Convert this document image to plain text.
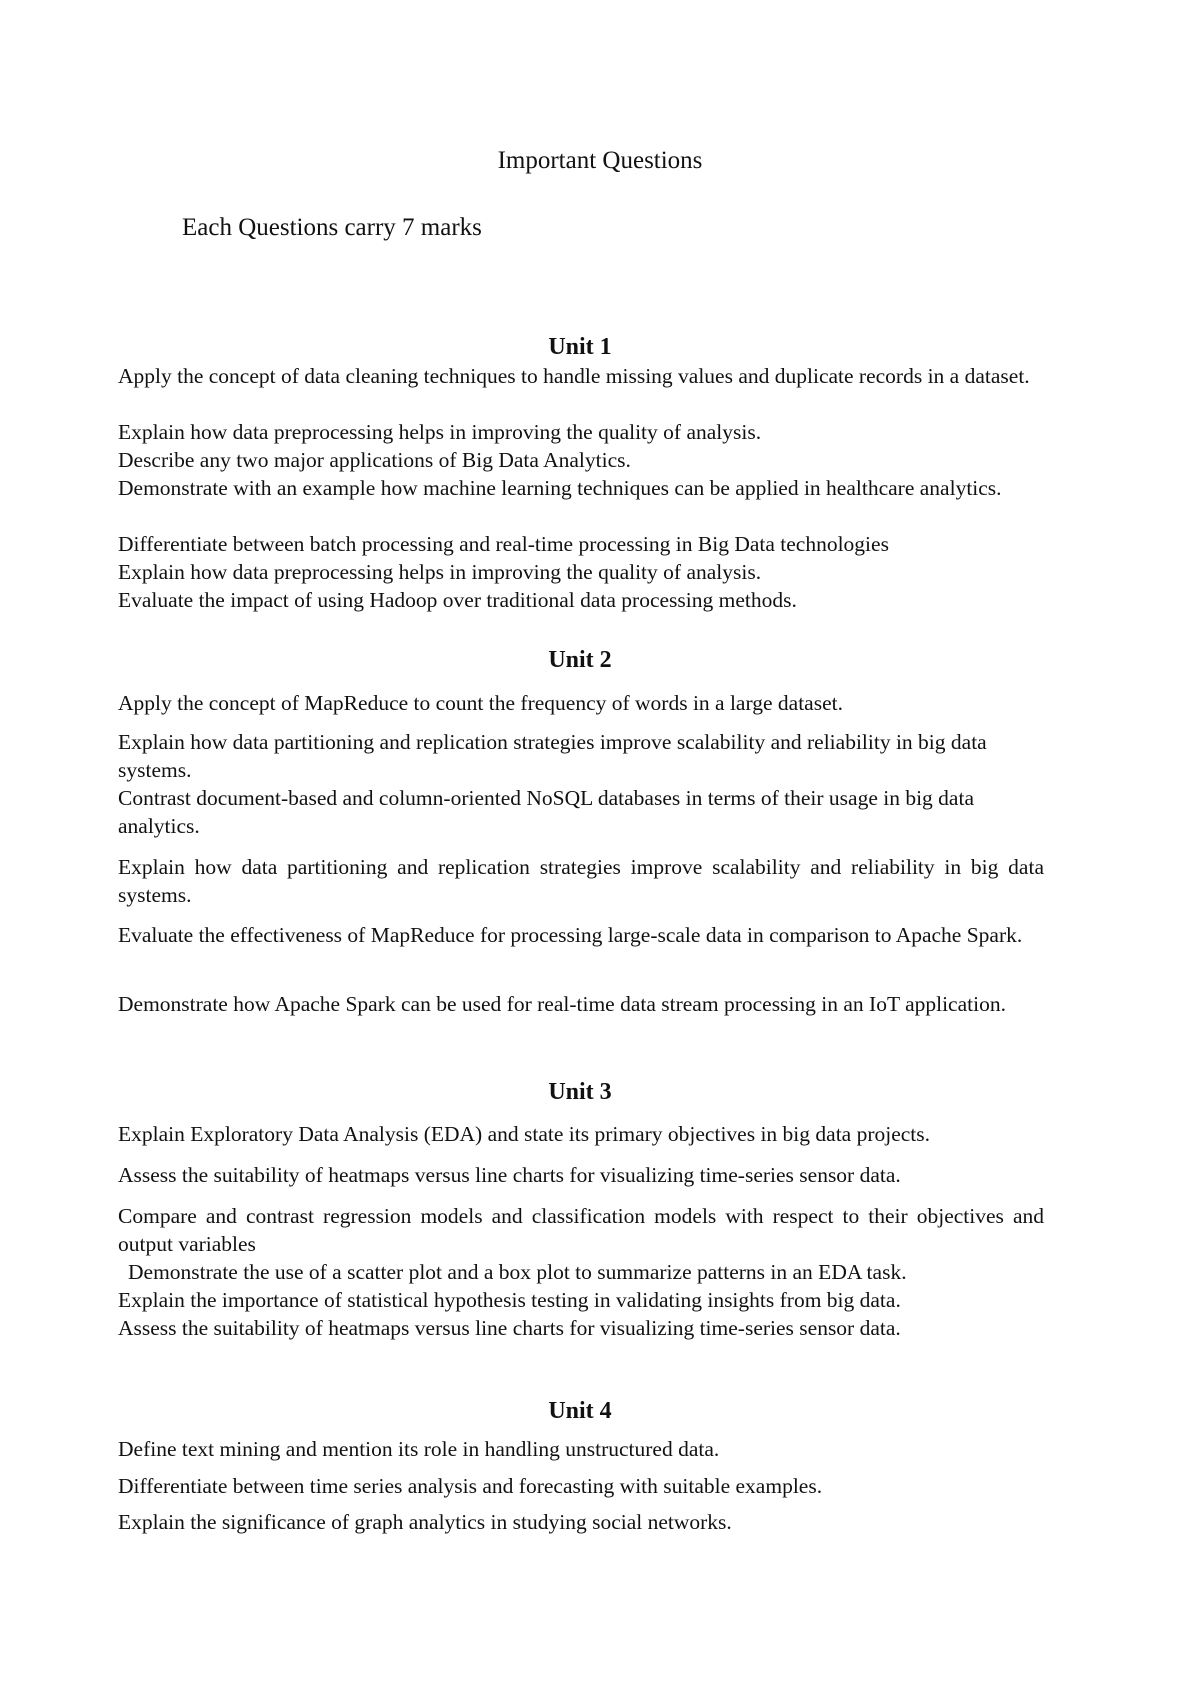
Important Questions
Each Questions carry 7 marks
Unit 1

Apply the concept of data cleaning techniques to handle missing values and duplicate records in a dataset.

Explain how data preprocessing helps in improving the quality of analysis.

Describe any two major applications of Big Data Analytics.

Demonstrate with an example how machine learning techniques can be applied in healthcare analytics.

Differentiate between batch processing and real-time processing in Big Data technologies

Explain how data preprocessing helps in improving the quality of analysis.

Evaluate the impact of using Hadoop over traditional data processing methods.

Unit 2

Apply the concept of MapReduce to count the frequency of words in a large dataset.

Explain how data partitioning and replication strategies improve scalability and reliability in big data systems.

Contrast document-based and column-oriented NoSQL databases in terms of their usage in big data analytics.

Explain how data partitioning and replication strategies improve scalability and reliability in big data systems.

Evaluate the effectiveness of MapReduce for processing large-scale data in comparison to Apache Spark.

Demonstrate how Apache Spark can be used for real-time data stream processing in an IoT application.

Unit 3

Explain Exploratory Data Analysis (EDA) and state its primary objectives in big data projects.

Assess the suitability of heatmaps versus line charts for visualizing time-series sensor data.

Compare and contrast regression models and classification models with respect to their objectives and output variables

Demonstrate the use of a scatter plot and a box plot to summarize patterns in an EDA task.

Explain the importance of statistical hypothesis testing in validating insights from big data.

Assess the suitability of heatmaps versus line charts for visualizing time-series sensor data.

Unit 4

Define text mining and mention its role in handling unstructured data.

Differentiate between time series analysis and forecasting with suitable examples.

Explain the significance of graph analytics in studying social networks.
